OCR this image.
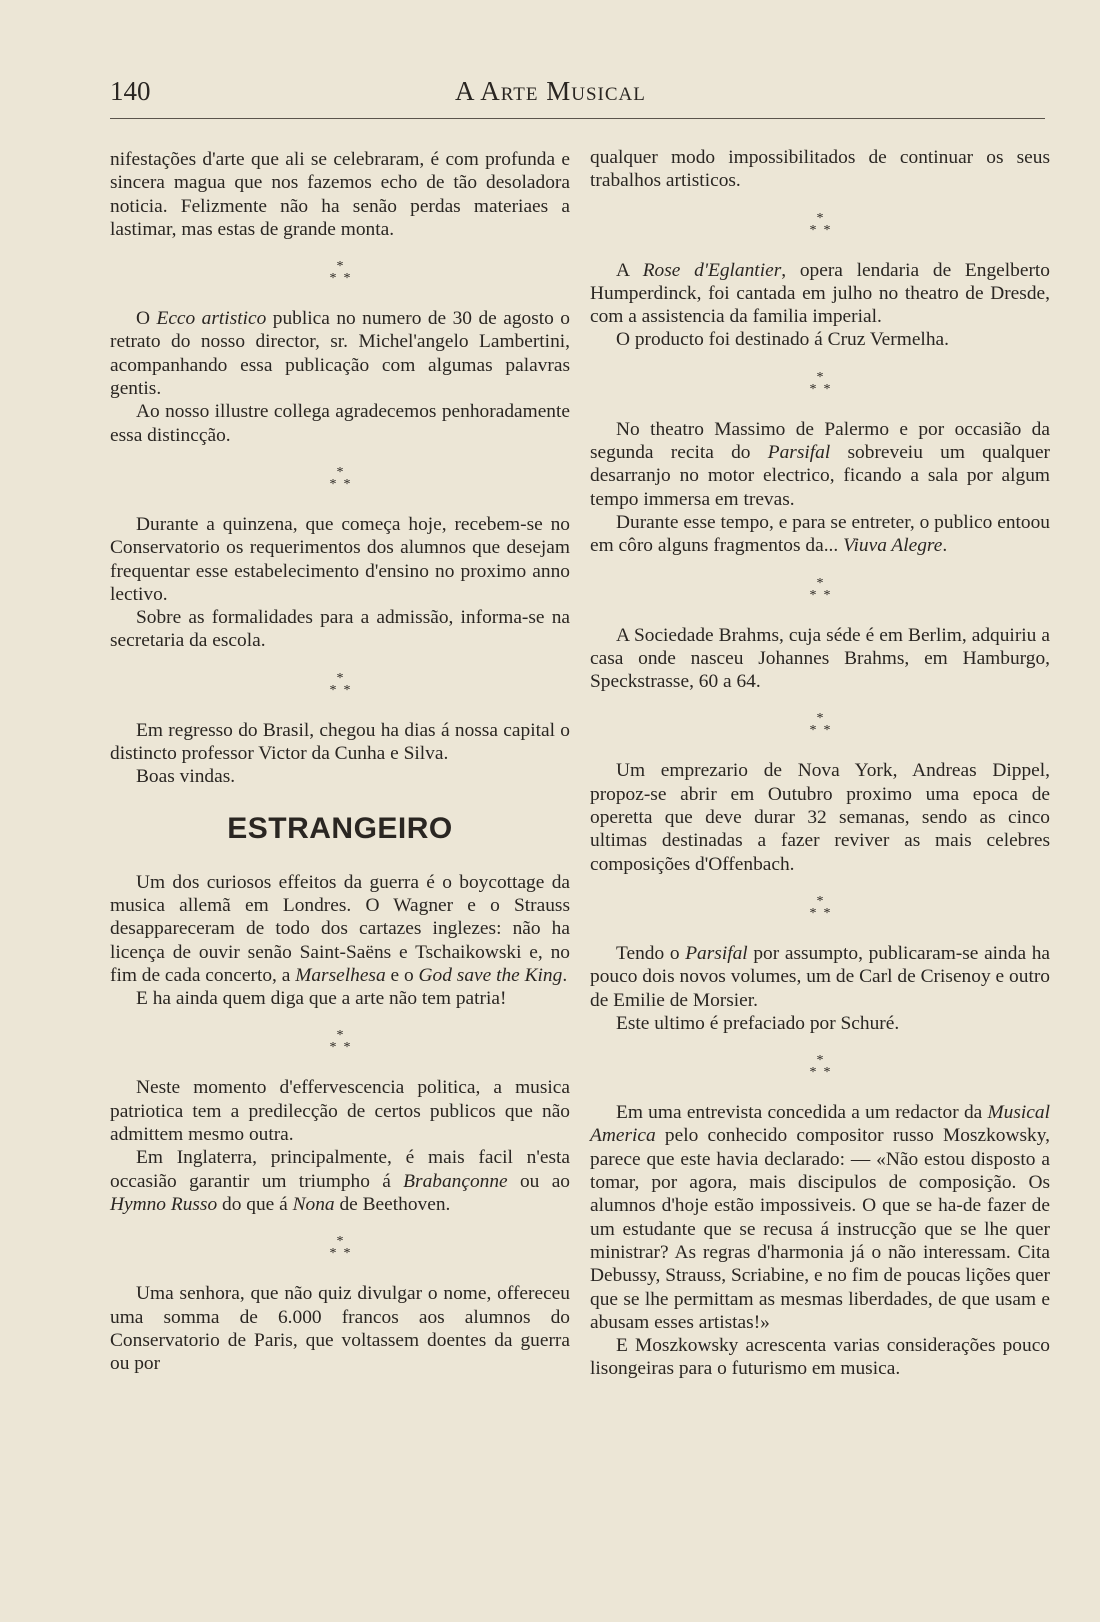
140	A Arte Musical

nifestações d'arte que ali se celebraram, é com profunda e sincera magua que nos fazemos echo de tão desoladora noticia. Felizmente não ha senão perdas materiaes a lastimar, mas estas de grande monta.

*
*  *

O Ecco artistico publica no numero de 30 de agosto o retrato do nosso director, sr. Michel'angelo Lambertini, acompanhando essa publicação com algumas palavras gentis.

Ao nosso illustre collega agradecemos penhoradamente essa distincção.

*
*  *

Durante a quinzena, que começa hoje, recebem-se no Conservatorio os requerimentos dos alumnos que desejam frequentar esse estabelecimento d'ensino no proximo anno lectivo.

Sobre as formalidades para a admissão, informa-se na secretaria da escola.

*
*  *

Em regresso do Brasil, chegou ha dias á nossa capital o distincto professor Victor da Cunha e Silva.

Boas vindas.

ESTRANGEIRO

Um dos curiosos effeitos da guerra é o boycottage da musica allemã em Londres. O Wagner e o Strauss desappareceram de todo dos cartazes inglezes: não ha licença de ouvir senão Saint-Saëns e Tschaikowski e, no fim de cada concerto, a Marselhesa e o God save the King.

E ha ainda quem diga que a arte não tem patria!

*
*  *

Neste momento d'effervescencia politica, a musica patriotica tem a predilecção de certos publicos que não admittem mesmo outra.

Em Inglaterra, principalmente, é mais facil n'esta occasião garantir um triumpho á Brabançonne ou ao Hymno Russo do que á Nona de Beethoven.

*
*  *

Uma senhora, que não quiz divulgar o nome, offereceu uma somma de 6.000 francos aos alumnos do Conservatorio de Paris, que voltassem doentes da guerra ou por

qualquer modo impossibilitados de continuar os seus trabalhos artisticos.

*
*  *

A Rose d'Eglantier, opera lendaria de Engelberto Humperdinck, foi cantada em julho no theatro de Dresde, com a assistencia da familia imperial.

O producto foi destinado á Cruz Vermelha.

*
*  *

No theatro Massimo de Palermo e por occasião da segunda recita do Parsifal sobreveiu um qualquer desarranjo no motor electrico, ficando a sala por algum tempo immersa em trevas.

Durante esse tempo, e para se entreter, o publico entoou em côro alguns fragmentos da... Viuva Alegre.

*
*  *

A Sociedade Brahms, cuja séde é em Berlim, adquiriu a casa onde nasceu Johannes Brahms, em Hamburgo, Speckstrasse, 60 a 64.

*
*  *

Um emprezario de Nova York, Andreas Dippel, propoz-se abrir em Outubro proximo uma epoca de operetta que deve durar 32 semanas, sendo as cinco ultimas destinadas a fazer reviver as mais celebres composições d'Offenbach.

*
*  *

Tendo o Parsifal por assumpto, publicaram-se ainda ha pouco dois novos volumes, um de Carl de Crisenoy e outro de Emilie de Morsier.

Este ultimo é prefaciado por Schuré.

*
*  *

Em uma entrevista concedida a um redactor da Musical America pelo conhecido compositor russo Moszkowsky, parece que este havia declarado: — «Não estou disposto a tomar, por agora, mais discipulos de composição. Os alumnos d'hoje estão impossiveis. O que se ha-de fazer de um estudante que se recusa á instrucção que se lhe quer ministrar? As regras d'harmonia já o não interessam. Cita Debussy, Strauss, Scriabine, e no fim de poucas lições quer que se lhe permittam as mesmas liberdades, de que usam e abusam esses artistas!»

E Moszkowsky acrescenta varias considerações pouco lisongeiras para o futurismo em musica.
